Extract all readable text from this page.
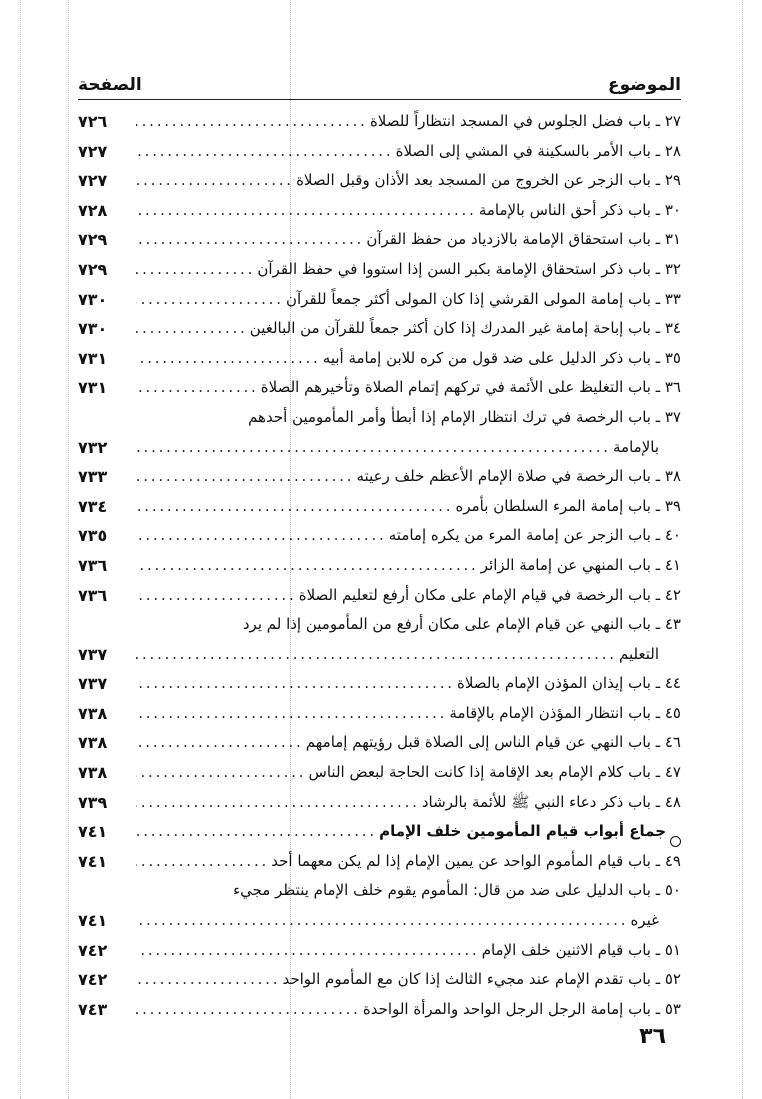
الموضوع
الصفحة
٢٧ ـ باب فضل الجلوس في المسجد انتظاراً للصلاة
. . .
٧٢٦
٢٨ ـ باب الأمر بالسكينة في المشي إلى الصلاة
. . .
٧٢٧
٢٩ ـ باب الزجر عن الخروج من المسجد بعد الأذان وقبل الصلاة
. . .
٧٢٧
٣٠ ـ باب ذكر أحق الناس بالإمامة
. . .
٧٢٨
٣١ ـ باب استحقاق الإمامة بالازدياد من حفظ القرآن
. . .
٧٢٩
٣٢ ـ باب ذكر استحقاق الإمامة بكبر السن إذا استووا في حفظ القرآن
. . .
٧٢٩
٣٣ ـ باب إمامة المولى القرشي إذا كان المولى أكثر جمعاً للقرآن
. . .
٧٣٠
٣٤ ـ باب إباحة إمامة غير المدرك إذا كان أكثر جمعاً للقرآن من البالغين
. . .
٧٣٠
٣٥ ـ باب ذكر الدليل على ضد قول من كره للابن إمامة أبيه
. . .
٧٣١
٣٦ ـ باب التغليظ على الأئمة في تركهم إتمام الصلاة وتأخيرهم الصلاة
. . .
٧٣١
٣٧ ـ باب الرخصة في ترك انتظار الإمام إذا أبطأ وأمر المأمومين أحدهم
بالإمامة
. . .
٧٣٢
٣٨ ـ باب الرخصة في صلاة الإمام الأعظم خلف رعيته
. . .
٧٣٣
٣٩ ـ باب إمامة المرء السلطان بأمره
. . .
٧٣٤
٤٠ ـ باب الزجر عن إمامة المرء من يكره إمامته
. . .
٧٣٥
٤١ ـ باب المنهي عن إمامة الزائر
. . .
٧٣٦
٤٢ ـ باب الرخصة في قيام الإمام على مكان أرفع لتعليم الصلاة
. . .
٧٣٦
٤٣ ـ باب النهي عن قيام الإمام على مكان أرفع من المأمومين إذا لم يرد
التعليم
. . .
٧٣٧
٤٤ ـ باب إيذان المؤذن الإمام بالصلاة
. . .
٧٣٧
٤٥ ـ باب انتظار المؤذن الإمام بالإقامة
. . .
٧٣٨
٤٦ ـ باب النهي عن قيام الناس إلى الصلاة قبل رؤيتهم إمامهم
. . .
٧٣٨
٤٧ ـ باب كلام الإمام بعد الإقامة إذا كانت الحاجة لبعض الناس
. . .
٧٣٨
٤٨ ـ باب ذكر دعاء النبي ﷺ للأئمة بالرشاد
. . .
٧٣٩
جماع أبواب قيام المأمومين خلف الإمام
. . .
٧٤١
٤٩ ـ باب قيام المأموم الواحد عن يمين الإمام إذا لم يكن معهما أحد
. . .
٧٤١
٥٠ ـ باب الدليل على ضد من قال: المأموم يقوم خلف الإمام ينتظر مجيء
غيره
. . .
٧٤١
٥١ ـ باب قيام الاثنين خلف الإمام
. . .
٧٤٢
٥٢ ـ باب تقدم الإمام عند مجيء الثالث إذا كان مع المأموم الواحد
. . .
٧٤٢
٥٣ ـ باب إمامة الرجل الرجل الواحد والمرأة الواحدة
. . .
٧٤٣
٣٦
